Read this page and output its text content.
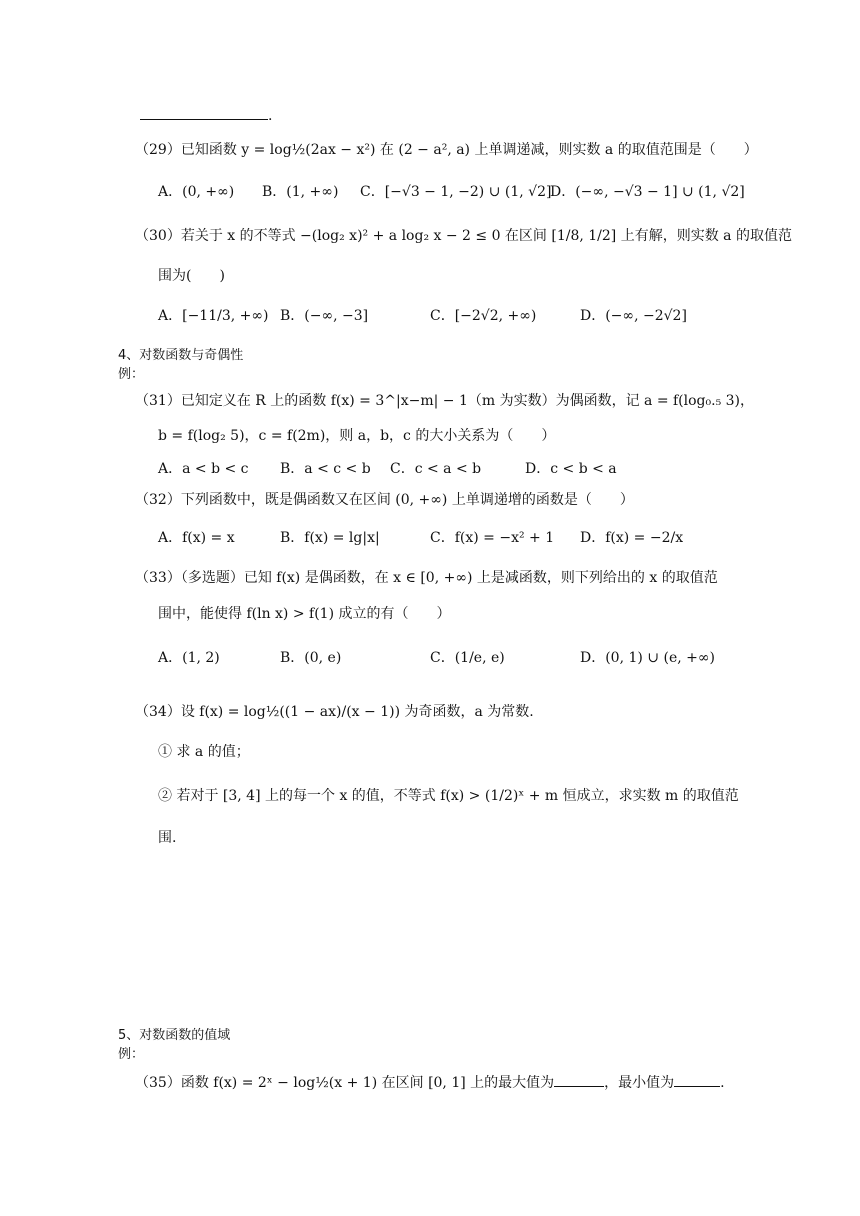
.
（29）已知函数 y = log½(2ax − x²) 在 (2 − a², a) 上单调递减，则实数 a 的取值范围是（　　）
A．(0, +∞) B．(1, +∞) C．[−√3 − 1, −2) ∪ (1, √2]
D．(−∞, −√3 − 1] ∪ (1, √2]
（30）若关于 x 的不等式 −(log₂ x)² + a log₂ x − 2 ≤ 0 在区间 [1/8, 1/2] 上有解，则实数 a 的取值范
围为(　　)
A．[−11/3, +∞) B．(−∞, −3]	C．[−2√2, +∞)	D．(−∞, −2√2]
4、对数函数与奇偶性
例：
（31）已知定义在 R 上的函数 f(x) = 3^|x−m| − 1（m 为实数）为偶函数，记 a = f(log₀.₅ 3)，
b = f(log₂ 5)，c = f(2m)，则 a，b，c 的大小关系为（　　）
A．a < b < c B．a < c < b C．c < a < b	D．c < b < a
（32）下列函数中，既是偶函数又在区间 (0, +∞) 上单调递增的函数是（　　）
A．f(x) = x	B．f(x) = lg|x|	C．f(x) = −x² + 1 D．f(x) = −2/x
（33）（多选题）已知 f(x) 是偶函数，在 x ∈ [0, +∞) 上是减函数，则下列给出的 x 的取值范
围中，能使得 f(ln x) > f(1) 成立的有（　　）
A．(1, 2)	B．(0, e)	C．(1/e, e)	D．(0, 1) ∪ (e, +∞)
（34）设 f(x) = log½((1 − ax)/(x − 1)) 为奇函数，a 为常数.
① 求 a 的值；
② 若对于 [3, 4] 上的每一个 x 的值，不等式 f(x) > (1/2)ˣ + m 恒成立，求实数 m 的取值范
围.
5、对数函数的值域
例：
（35）函数 f(x) = 2ˣ − log½(x + 1) 在区间 [0, 1] 上的最大值为	，最小值为	.
